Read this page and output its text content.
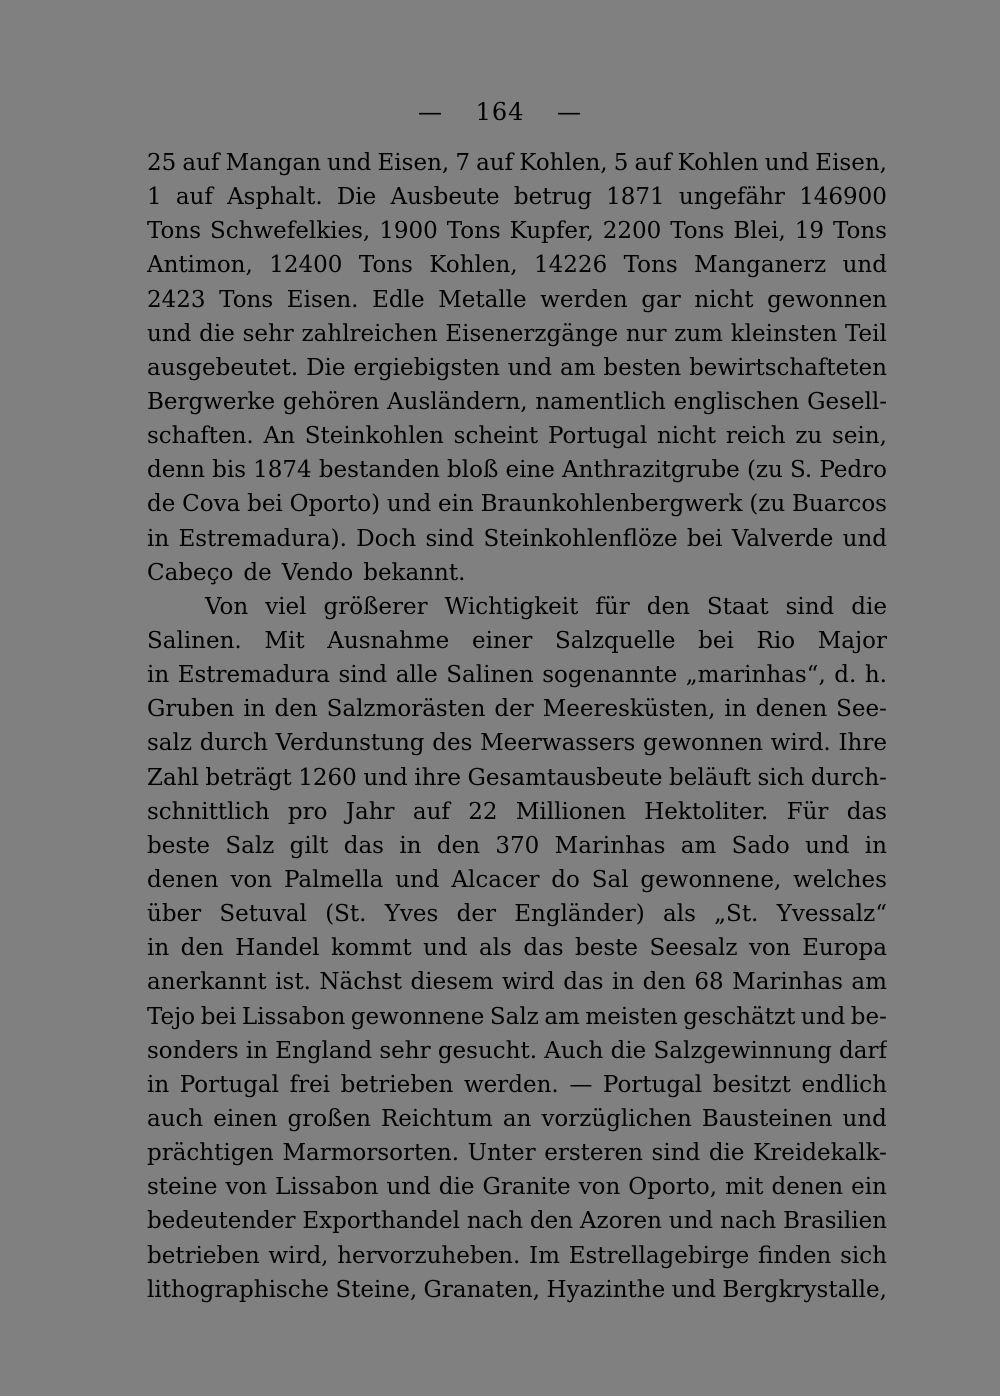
— 164 —
25 auf Mangan und Eisen, 7 auf Kohlen, 5 auf Kohlen und Eisen,
1 auf Asphalt. Die Ausbeute betrug 1871 ungefähr 146900
Tons Schwefelkies, 1900 Tons Kupfer, 2200 Tons Blei, 19 Tons
Antimon, 12400 Tons Kohlen, 14226 Tons Manganerz und
2423 Tons Eisen. Edle Metalle werden gar nicht gewonnen
und die sehr zahlreichen Eisenerzgänge nur zum kleinsten Teil
ausgebeutet. Die ergiebigsten und am besten bewirtschafteten
Bergwerke gehören Ausländern, namentlich englischen Gesell-
schaften. An Steinkohlen scheint Portugal nicht reich zu sein,
denn bis 1874 bestanden bloß eine Anthrazitgrube (zu S. Pedro
de Cova bei Oporto) und ein Braunkohlenbergwerk (zu Buarcos
in Estremadura). Doch sind Steinkohlenflöze bei Valverde und
Cabeço de Vendo bekannt.
Von viel größerer Wichtigkeit für den Staat sind die
Salinen. Mit Ausnahme einer Salzquelle bei Rio Major
in Estremadura sind alle Salinen sogenannte „marinhas“, d. h.
Gruben in den Salzmorästen der Meeresküsten, in denen See-
salz durch Verdunstung des Meerwassers gewonnen wird. Ihre
Zahl beträgt 1260 und ihre Gesamtausbeute beläuft sich durch-
schnittlich pro Jahr auf 22 Millionen Hektoliter. Für das
beste Salz gilt das in den 370 Marinhas am Sado und in
denen von Palmella und Alcacer do Sal gewonnene, welches
über Setuval (St. Yves der Engländer) als „St. Yvessalz“
in den Handel kommt und als das beste Seesalz von Europa
anerkannt ist. Nächst diesem wird das in den 68 Marinhas am
Tejo bei Lissabon gewonnene Salz am meisten geschätzt und be-
sonders in England sehr gesucht. Auch die Salzgewinnung darf
in Portugal frei betrieben werden. — Portugal besitzt endlich
auch einen großen Reichtum an vorzüglichen Bausteinen und
prächtigen Marmorsorten. Unter ersteren sind die Kreidekalk-
steine von Lissabon und die Granite von Oporto, mit denen ein
bedeutender Exporthandel nach den Azoren und nach Brasilien
betrieben wird, hervorzuheben. Im Estrellagebirge finden sich
lithographische Steine, Granaten, Hyazinthe und Bergkrystalle,
